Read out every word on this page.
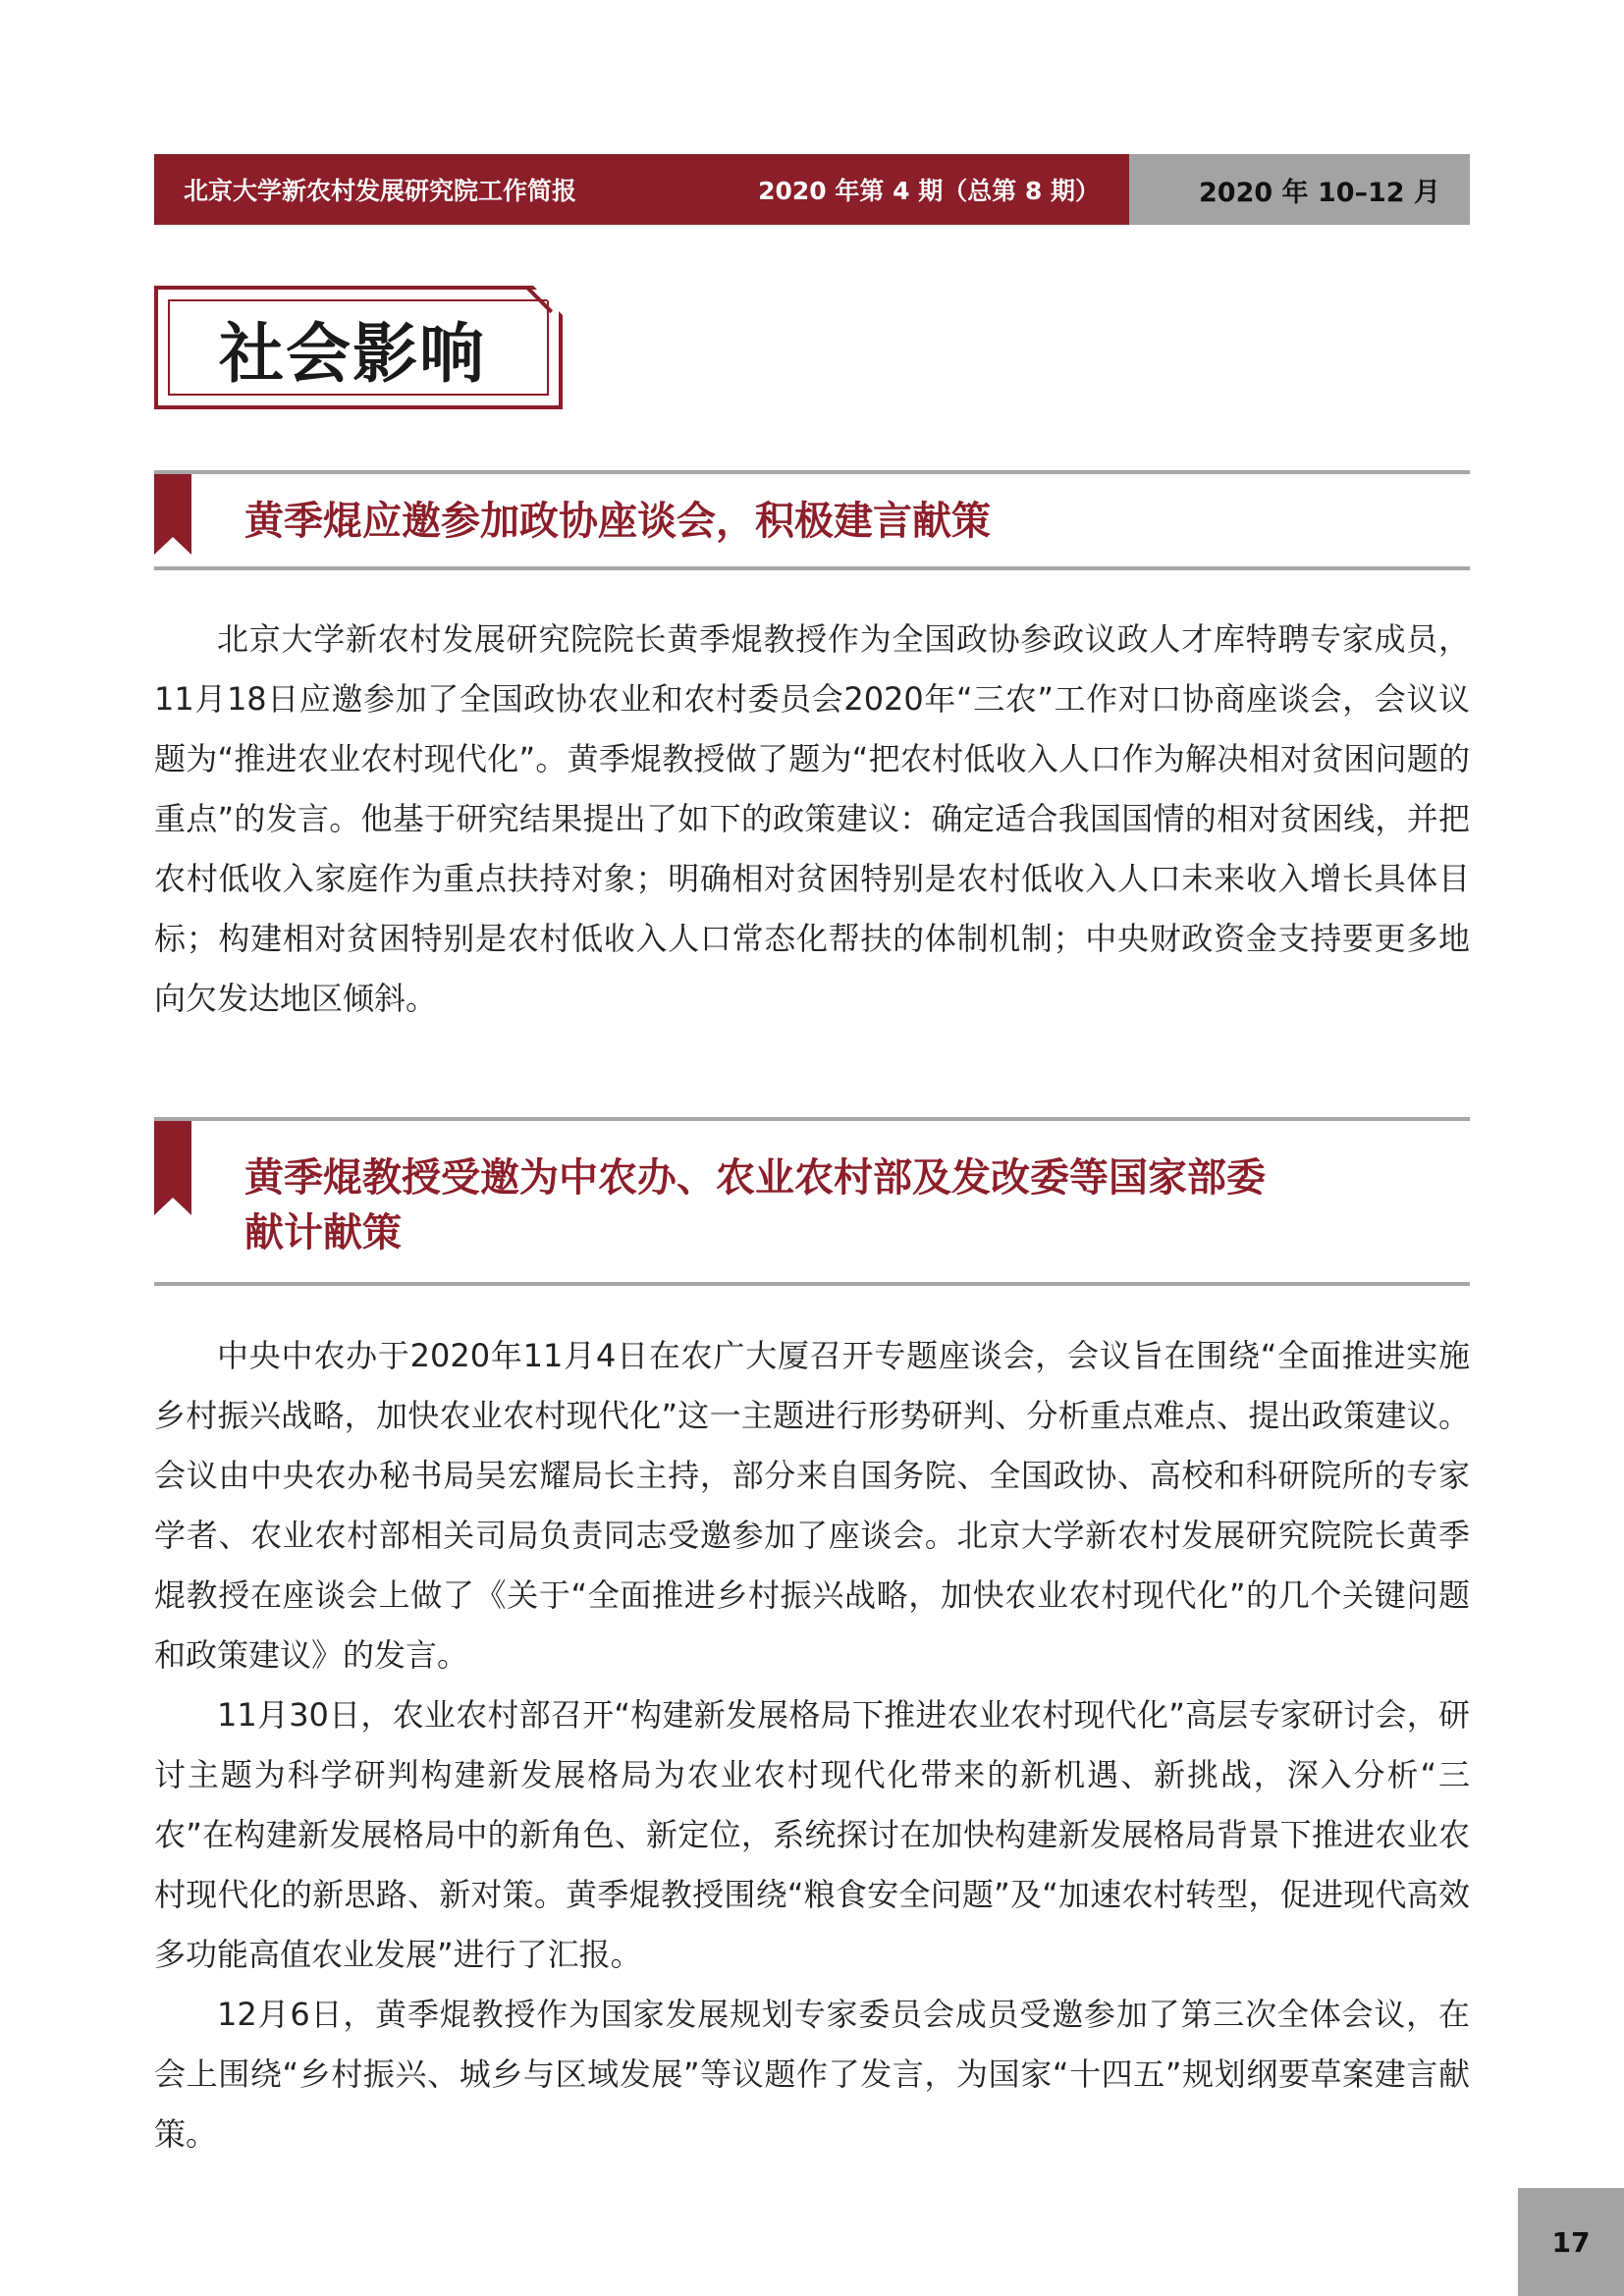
北京大学新农村发展研究院工作简报	2020 年第 4 期（总第 8 期）	2020 年 10–12 月
社会影响
黄季焜应邀参加政协座谈会，积极建言献策

北京大学新农村发展研究院院长黄季焜教授作为全国政协参政议政人才库特聘专家成员，11月18日应邀参加了全国政协农业和农村委员会2020年“三农”工作对口协商座谈会，会议议题为“推进农业农村现代化”。黄季焜教授做了题为“把农村低收入人口作为解决相对贫困问题的重点”的发言。他基于研究结果提出了如下的政策建议：确定适合我国国情的相对贫困线，并把农村低收入家庭作为重点扶持对象；明确相对贫困特别是农村低收入人口未来收入增长具体目标；构建相对贫困特别是农村低收入人口常态化帮扶的体制机制；中央财政资金支持要更多地向欠发达地区倾斜。

黄季焜教授受邀为中农办、农业农村部及发改委等国家部委
献计献策

中央中农办于2020年11月4日在农广大厦召开专题座谈会，会议旨在围绕“全面推进实施乡村振兴战略，加快农业农村现代化”这一主题进行形势研判、分析重点难点、提出政策建议。会议由中央农办秘书局吴宏耀局长主持，部分来自国务院、全国政协、高校和科研院所的专家学者、农业农村部相关司局负责同志受邀参加了座谈会。北京大学新农村发展研究院院长黄季焜教授在座谈会上做了《关于“全面推进乡村振兴战略，加快农业农村现代化”的几个关键问题和政策建议》的发言。

11月30日，农业农村部召开“构建新发展格局下推进农业农村现代化”高层专家研讨会，研讨主题为科学研判构建新发展格局为农业农村现代化带来的新机遇、新挑战，深入分析“三农”在构建新发展格局中的新角色、新定位，系统探讨在加快构建新发展格局背景下推进农业农村现代化的新思路、新对策。黄季焜教授围绕“粮食安全问题”及“加速农村转型，促进现代高效多功能高值农业发展”进行了汇报。

12月6日，黄季焜教授作为国家发展规划专家委员会成员受邀参加了第三次全体会议，在会上围绕“乡村振兴、城乡与区域发展”等议题作了发言，为国家“十四五”规划纲要草案建言献策。

17
